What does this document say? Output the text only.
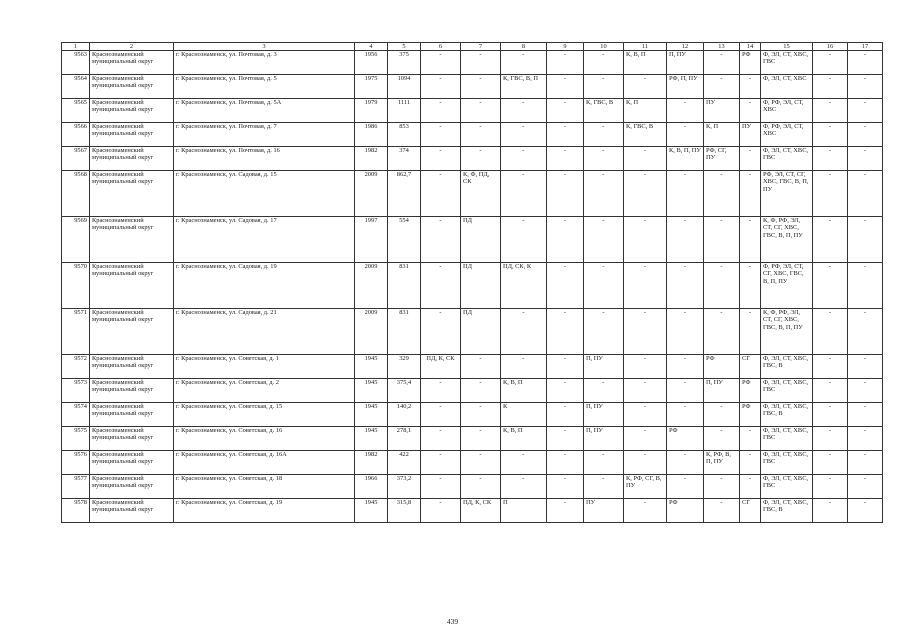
1	2	3	4	5	6	7	8	9	10	11	12	13	14	15	16	17
9563	Краснознаменский муниципальный округ	г. Краснознаменск, ул. Почтовая, д. 3	1956	375	-	-	-	-	-	К, В, П	П, ПУ	-	РФ	Ф, ЭЛ, СТ, ХВС, ГВС	-	-
9564	Краснознаменский муниципальный округ	г. Краснознаменск, ул. Почтовая, д. 5	1975	1094	-	-	К, ГВС, В, П	-	-	-	РФ, П, ПУ	-	-	Ф, ЭЛ, СТ, ХВС	-	-
9565	Краснознаменский муниципальный округ	г. Краснознаменск, ул. Почтовая, д. 5А	1979	1111	-	-	-	-	К, ГВС, В	К, П	-	ПУ	-	Ф, РФ, ЭЛ, СТ, ХВС	-	-
9566	Краснознаменский муниципальный округ	г. Краснознаменск, ул. Почтовая, д. 7	1986	853	-	-	-	-	-	К, ГВС, В	-	К, П	ПУ	Ф, РФ, ЭЛ, СТ, ХВС	-	-
9567	Краснознаменский муниципальный округ	г. Краснознаменск, ул. Почтовая, д. 16	1982	374	-	-	-	-	-	-	К, В, П, ПУ	РФ, СГ, ПУ	-	Ф, ЭЛ, СТ, ХВС, ГВС	-	-
9568	Краснознаменский муниципальный округ	г. Краснознаменск, ул. Садовая, д. 15	2009	862,7	-	К, Ф, ПД, СК	-	-	-	-	-	-	-	РФ, ЭЛ, СТ, СГ, ХВС, ГВС, В, П, ПУ	-	-
9569	Краснознаменский муниципальный округ	г. Краснознаменск, ул. Садовая, д. 17	1997	554	-	ПД	-	-	-	-	-	-	-	К, Ф, РФ, ЭЛ, СТ, СГ, ХВС, ГВС, В, П, ПУ	-	-
9570	Краснознаменский муниципальный округ	г. Краснознаменск, ул. Садовая, д. 19	2009	831	-	ПД	ПД, СК, К	-	-	-	-	-	-	Ф, РФ, ЭЛ, СТ, СГ, ХВС, ГВС, В, П, ПУ	-	-
9571	Краснознаменский муниципальный округ	г. Краснознаменск, ул. Садовая, д. 21	2009	831	-	ПД	-	-	-	-	-	-	-	К, Ф, РФ, ЭЛ, СТ, СГ, ХВС, ГВС, В, П, ПУ	-	-
9572	Краснознаменский муниципальный округ	г. Краснознаменск, ул. Советская, д. 1	1945	329	ПД, К, СК	-	-	-	П, ПУ	-	-	РФ	СГ	Ф, ЭЛ, СТ, ХВС, ГВС, В	-	-
9573	Краснознаменский муниципальный округ	г. Краснознаменск, ул. Советская, д. 2	1945	375,4	-	-	К, В, П	-	-	-	-	П, ПУ	РФ	Ф, ЭЛ, СТ, ХВС, ГВС	-	-
9574	Краснознаменский муниципальный округ	г. Краснознаменск, ул. Советская, д. 15	1945	140,2	-	-	К	-	П, ПУ	-	-	-	РФ	Ф, ЭЛ, СТ, ХВС, ГВС, В	-	-
9575	Краснознаменский муниципальный округ	г. Краснознаменск, ул. Советская, д. 16	1945	278,1	-	-	К, В, П	-	П, ПУ	-	РФ	-	-	Ф, ЭЛ, СТ, ХВС, ГВС	-	-
9576	Краснознаменский муниципальный округ	г. Краснознаменск, ул. Советская, д. 16А	1982	422	-	-	-	-	-	-	-	К, РФ, В, П, ПУ	-	Ф, ЭЛ, СТ, ХВС, ГВС	-	-
9577	Краснознаменский муниципальный округ	г. Краснознаменск, ул. Советская, д. 18	1966	373,2	-	-	-	-	-	К, РФ, СГ, В, ПУ	-	-	-	Ф, ЭЛ, СТ, ХВС, ГВС	-	-
9578	Краснознаменский муниципальный округ	г. Краснознаменск, ул. Советская, д. 19	1945	315,8	-	ПД, К, СК	П	-	ПУ	-	РФ	-	СГ	Ф, ЭЛ, СТ, ХВС, ГВС, В	-	-
439
